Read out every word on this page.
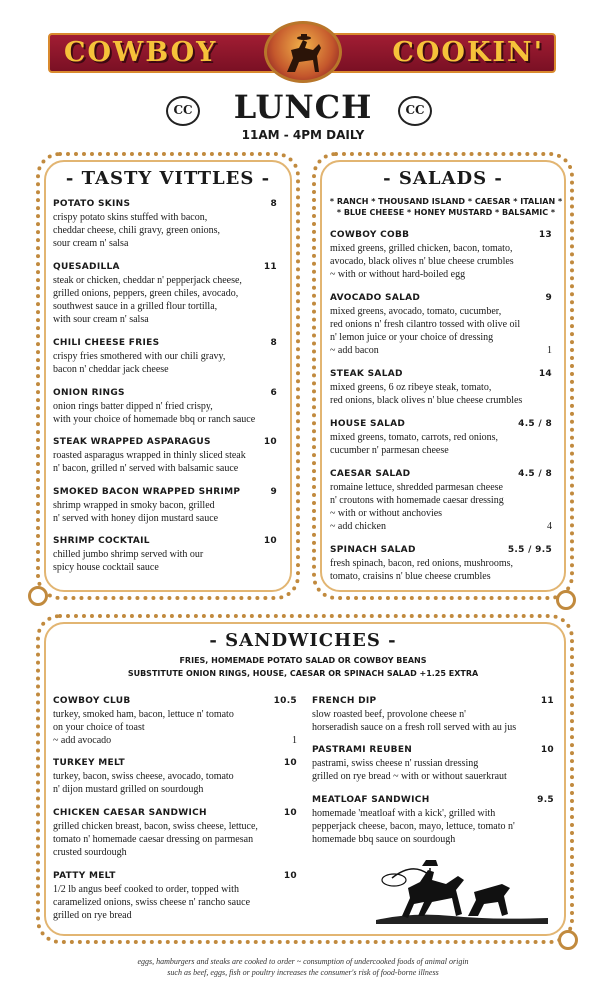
COWBOY	COOKIN'
CC	LUNCH	CC
11AM - 4PM DAILY
- TASTY VITTLES -	- SALADS -
* RANCH * THOUSAND ISLAND * CAESAR * ITALIAN *
* BLUE CHEESE * HONEY MUSTARD * BALSAMIC *
- SANDWICHES -
FRIES, HOMEMADE POTATO SALAD OR COWBOY BEANS
SUBSTITUTE ONION RINGS, HOUSE, CAESAR OR SPINACH SALAD +1.25 EXTRA
POTATO SKINS	8
crispy potato skins stuffed with bacon,
cheddar cheese, chili gravy, green onions,
sour cream n' salsa
QUESADILLA	11
steak or chicken, cheddar n' pepperjack cheese,
grilled onions, peppers, green chiles, avocado,
southwest sauce in a grilled flour tortilla,
with sour cream n' salsa
CHILI CHEESE FRIES	8
crispy fries smothered with our chili gravy,
bacon n' cheddar jack cheese
ONION RINGS	6
onion rings batter dipped n' fried crispy,
with your choice of homemade bbq or ranch sauce
STEAK WRAPPED ASPARAGUS	10
roasted asparagus wrapped in thinly sliced steak
n' bacon, grilled n' served with balsamic sauce
SMOKED BACON WRAPPED SHRIMP	9
shrimp wrapped in smoky bacon, grilled
n' served with honey dijon mustard sauce
SHRIMP COCKTAIL	10
chilled jumbo shrimp served with our
spicy house cocktail sauce
COWBOY COBB	13
mixed greens, grilled chicken, bacon, tomato,
avocado, black olives n' blue cheese crumbles
~ with or without hard-boiled egg
AVOCADO SALAD	9
mixed greens, avocado, tomato, cucumber,
red onions n' fresh cilantro tossed with olive oil
n' lemon juice or your choice of dressing
~ add bacon	1
STEAK SALAD	14
mixed greens, 6 oz ribeye steak, tomato,
red onions, black olives n' blue cheese crumbles
HOUSE SALAD	4.5 / 8
mixed greens, tomato, carrots, red onions,
cucumber n' parmesan cheese
CAESAR SALAD	4.5 / 8
romaine lettuce, shredded parmesan cheese
n' croutons with homemade caesar dressing
~ with or without anchovies
~ add chicken	4
SPINACH SALAD	5.5 / 9.5
fresh spinach, bacon, red onions, mushrooms,
tomato, craisins n' blue cheese crumbles
COWBOY CLUB	10.5
turkey, smoked ham, bacon, lettuce n' tomato
on your choice of toast
~ add avocado	1
TURKEY MELT	10
turkey, bacon, swiss cheese, avocado, tomato
n' dijon mustard grilled on sourdough
CHICKEN CAESAR SANDWICH	10
grilled chicken breast, bacon, swiss cheese, lettuce,
tomato n' homemade caesar dressing on parmesan
crusted sourdough
PATTY MELT	10
1/2 lb angus beef cooked to order, topped with
caramelized onions, swiss cheese n' rancho sauce
grilled on rye bread
FRENCH DIP	11
slow roasted beef, provolone cheese n'
horseradish sauce on a fresh roll served with au jus
PASTRAMI REUBEN	10
pastrami, swiss cheese n' russian dressing
grilled on rye bread ~ with or without sauerkraut
MEATLOAF SANDWICH	9.5
homemade 'meatloaf with a kick', grilled with
pepperjack cheese, bacon, mayo, lettuce, tomato n'
homemade bbq sauce on sourdough
eggs, hamburgers and steaks are cooked to order ~ consumption of undercooked foods of animal origin
such as beef, eggs, fish or poultry increases the consumer's risk of food-borne illness
